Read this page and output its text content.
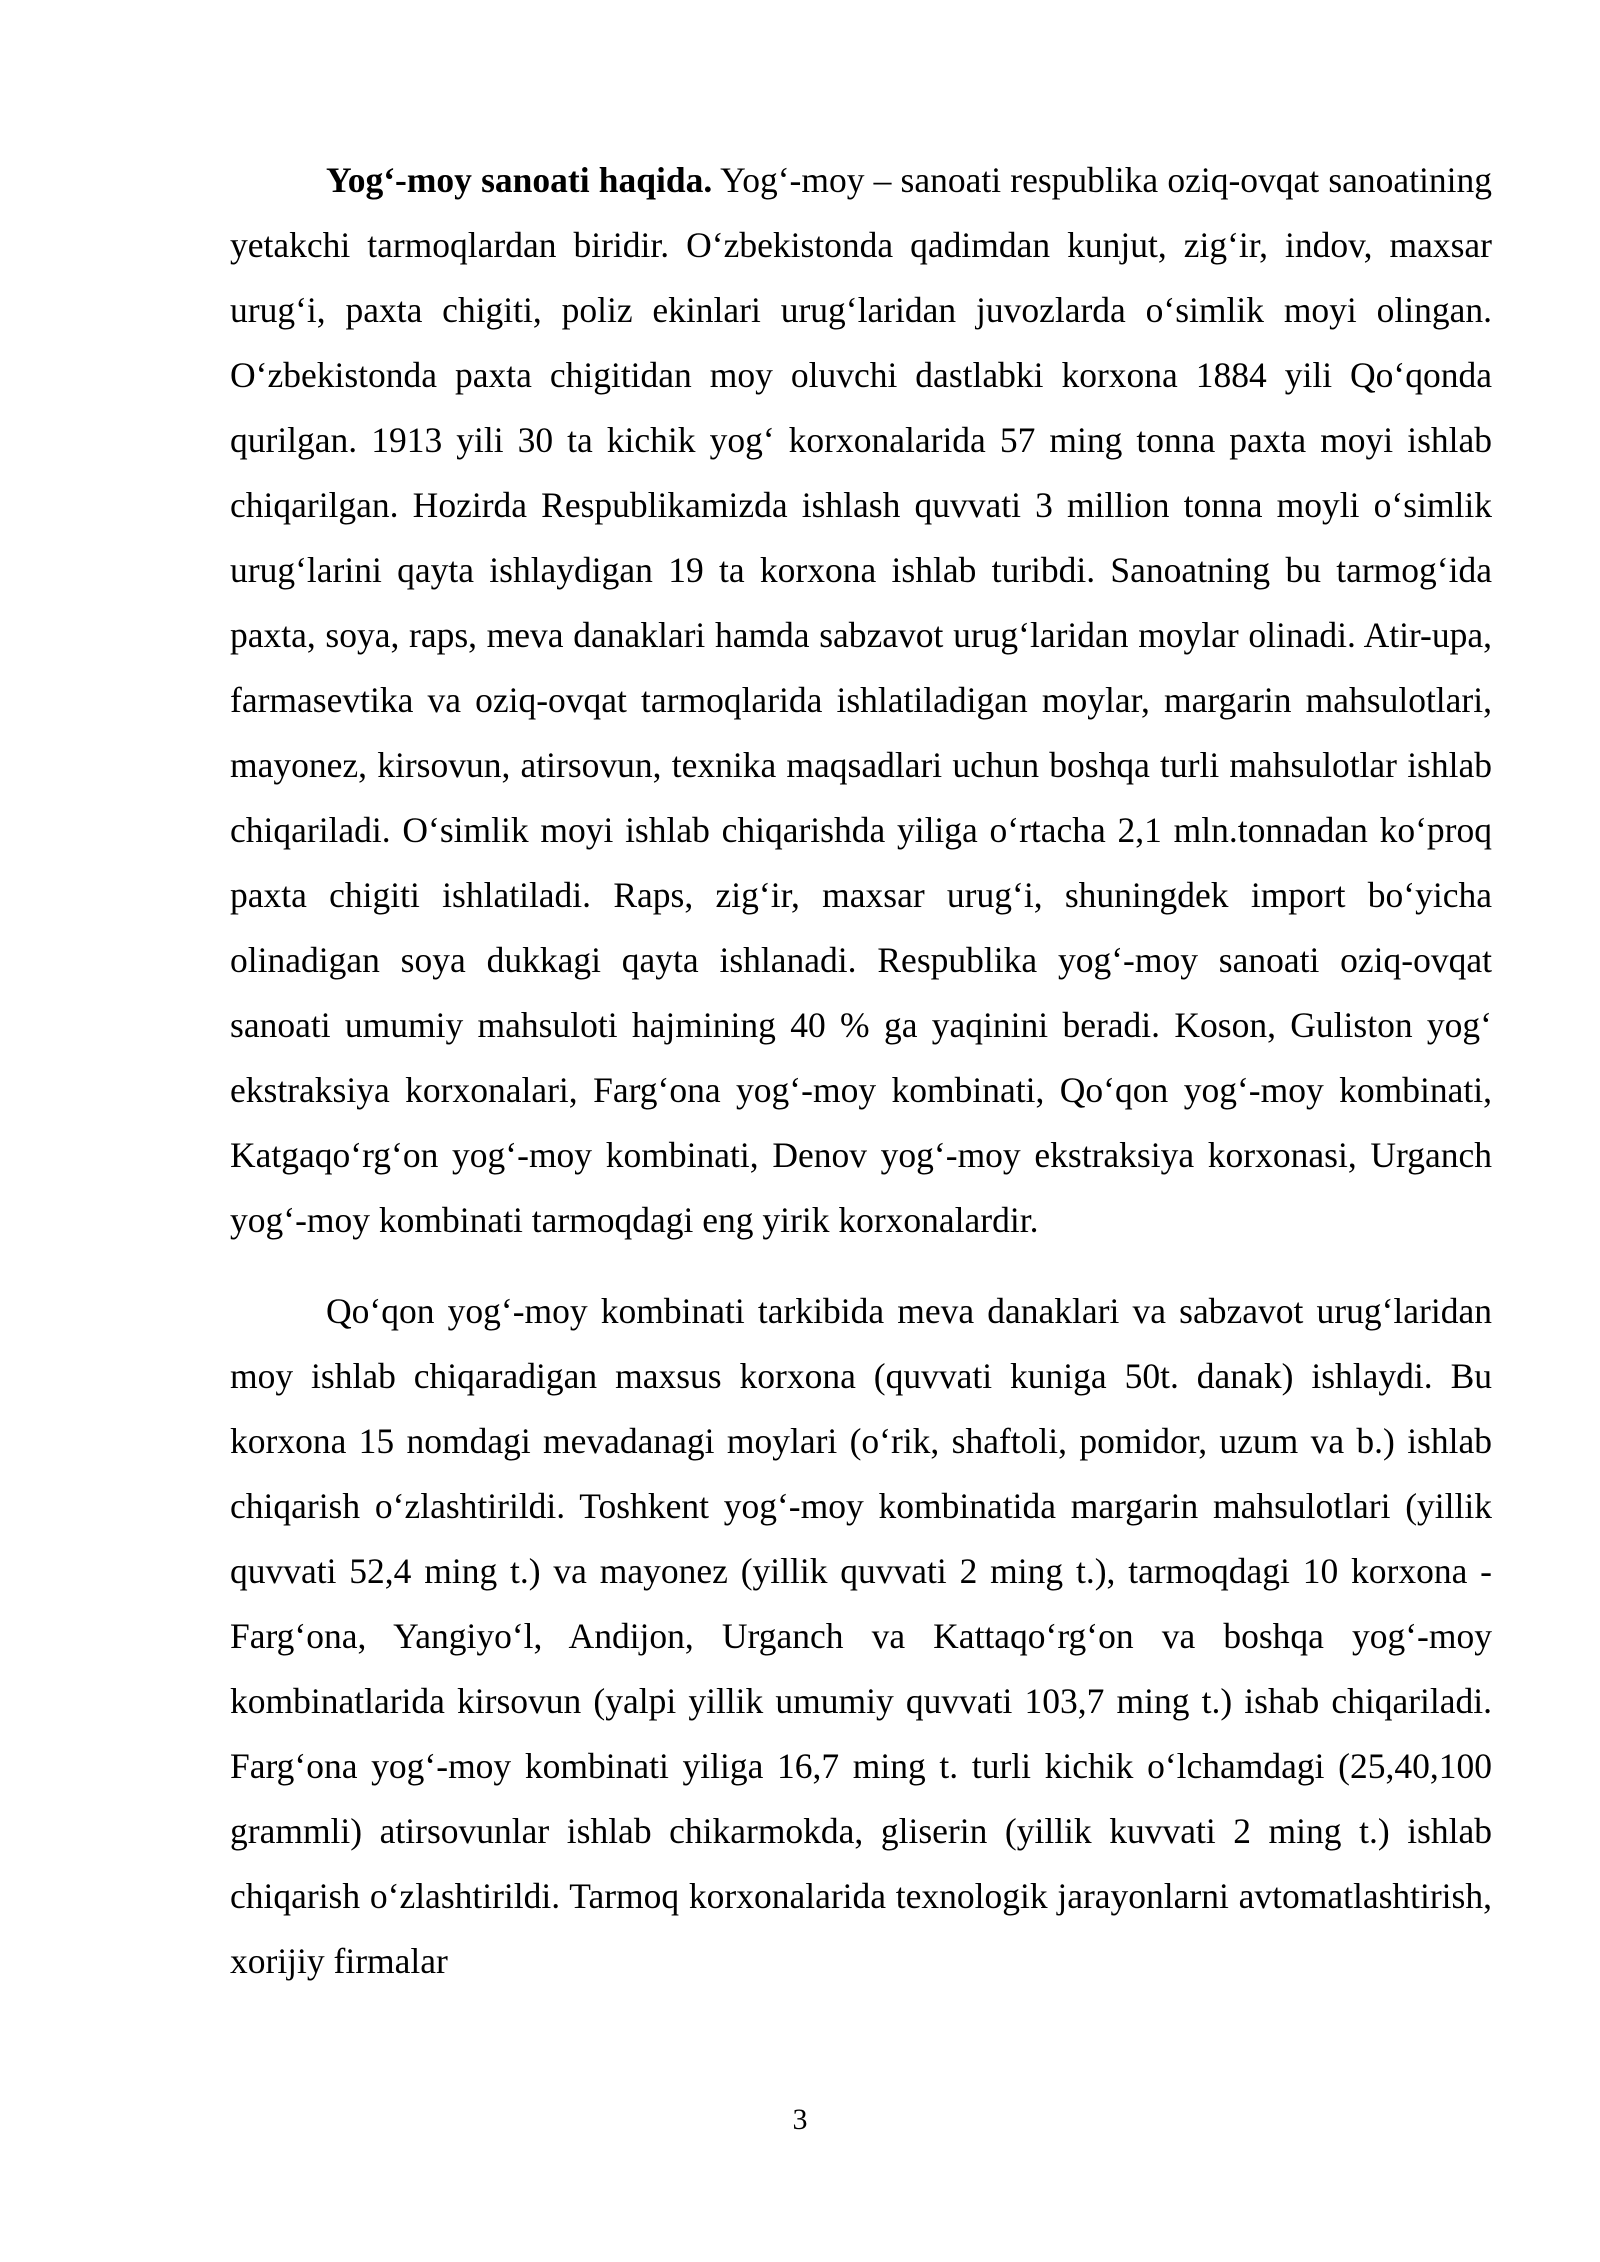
Yog‘-moy sanoati haqida. Yog‘-moy – sanoati respublika oziq-ovqat sanoatining yetakchi tarmoqlardan biridir. O‘zbekistonda qadimdan kunjut, zig‘ir, indov, maxsar urug‘i, paxta chigiti, poliz ekinlari urug‘laridan juvozlarda o‘simlik moyi olingan. O‘zbekistonda paxta chigitidan moy oluvchi dastlabki korxona 1884 yili Qo‘qonda qurilgan. 1913 yili 30 ta kichik yog‘ korxonalarida 57 ming tonna paxta moyi ishlab chiqarilgan. Hozirda Respublikamizda ishlash quvvati 3 million tonna moyli o‘simlik urug‘larini qayta ishlaydigan 19 ta korxona ishlab turibdi. Sanoatning bu tarmog‘ida paxta, soya, raps, meva danaklari hamda sabzavot urug‘laridan moylar olinadi. Atir-upa, farmasevtika va oziq-ovqat tarmoqlarida ishlatiladigan moylar, margarin mahsulotlari, mayonez, kirsovun, atirsovun, texnika maqsadlari uchun boshqa turli mahsulotlar ishlab chiqariladi. O‘simlik moyi ishlab chiqarishda yiliga o‘rtacha 2,1 mln.tonnadan ko‘proq paxta chigiti ishlatiladi. Raps, zig‘ir, maxsar urug‘i, shuningdek import bo‘yicha olinadigan soya dukkagi qayta ishlanadi. Respublika yog‘-moy sanoati oziq-ovqat sanoati umumiy mahsuloti hajmining 40 % ga yaqinini beradi. Koson, Guliston yog‘ ekstraksiya korxonalari, Farg‘ona yog‘-moy kombinati, Qo‘qon yog‘-moy kombinati, Katgaqo‘rg‘on yog‘-moy kombinati, Denov yog‘-moy ekstraksiya korxonasi, Urganch yog‘-moy kombinati tarmoqdagi eng yirik korxonalardir.

Qo‘qon yog‘-moy kombinati tarkibida meva danaklari va sabzavot urug‘laridan moy ishlab chiqaradigan maxsus korxona (quvvati kuniga 50t. danak) ishlaydi. Bu korxona 15 nomdagi mevadanagi moylari (o‘rik, shaftoli, pomidor, uzum va b.) ishlab chiqarish o‘zlashtirildi. Toshkent yog‘-moy kombinatida margarin mahsulotlari (yillik quvvati 52,4 ming t.) va mayonez (yillik quvvati 2 ming t.), tarmoqdagi 10 korxona - Farg‘ona, Yangiyo‘l, Andijon, Urganch va Kattaqo‘rg‘on va boshqa yog‘-moy kombinatlarida kirsovun (yalpi yillik umumiy quvvati 103,7 ming t.) ishab chiqariladi. Farg‘ona yog‘-moy kombinati yiliga 16,7 ming t. turli kichik o‘lchamdagi (25,40,100 grammli) atirsovunlar ishlab chikarmokda, gliserin (yillik kuvvati 2 ming t.) ishlab chiqarish o‘zlashtirildi. Tarmoq korxonalarida texnologik jarayonlarni avtomatlashtirish, xorijiy firmalar

3
